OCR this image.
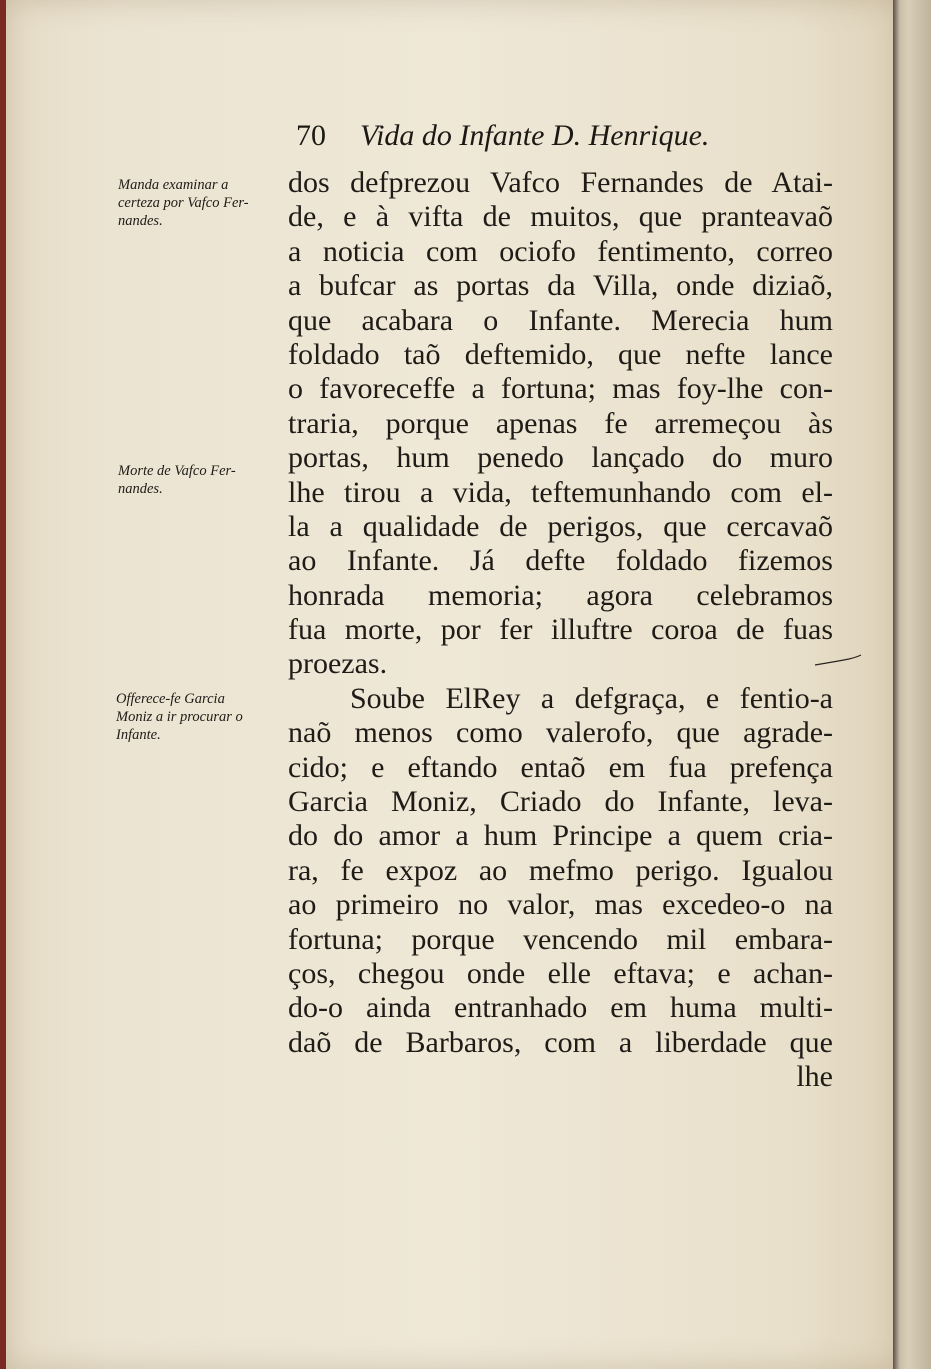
70 Vida do Infante D. Henrique.
Manda examinar a
certeza por Vafco Fer-
nandes.
Morte de Vafco Fer-
nandes.
Offerece-fe Garcia
Moniz a ir procurar o
Infante.
dos defprezou Vafco Fernandes de Atai-
de, e à vifta de muitos, que pranteavaõ
a noticia com ociofo fentimento, correo
a bufcar as portas da Villa, onde diziaõ,
que acabara o Infante. Merecia hum
foldado taõ deftemido, que nefte lance
o favoreceffe a fortuna; mas foy-lhe con-
traria, porque apenas fe arremeçou às
portas, hum penedo lançado do muro
lhe tirou a vida, teftemunhando com el-
la a qualidade de perigos, que cercavaõ
ao Infante. Já defte foldado fizemos
honrada memoria; agora celebramos
fua morte, por fer illuftre coroa de fuas
proezas.
Soube ElRey a defgraça, e fentio-a
naõ menos como valerofo, que agrade-
cido; e eftando entaõ em fua prefença
Garcia Moniz, Criado do Infante, leva-
do do amor a hum Principe a quem cria-
ra, fe expoz ao mefmo perigo. Igualou
ao primeiro no valor, mas excedeo-o na
fortuna; porque vencendo mil embara-
ços, chegou onde elle eftava; e achan-
do-o ainda entranhado em huma multi-
daõ de Barbaros, com a liberdade que
lhe
